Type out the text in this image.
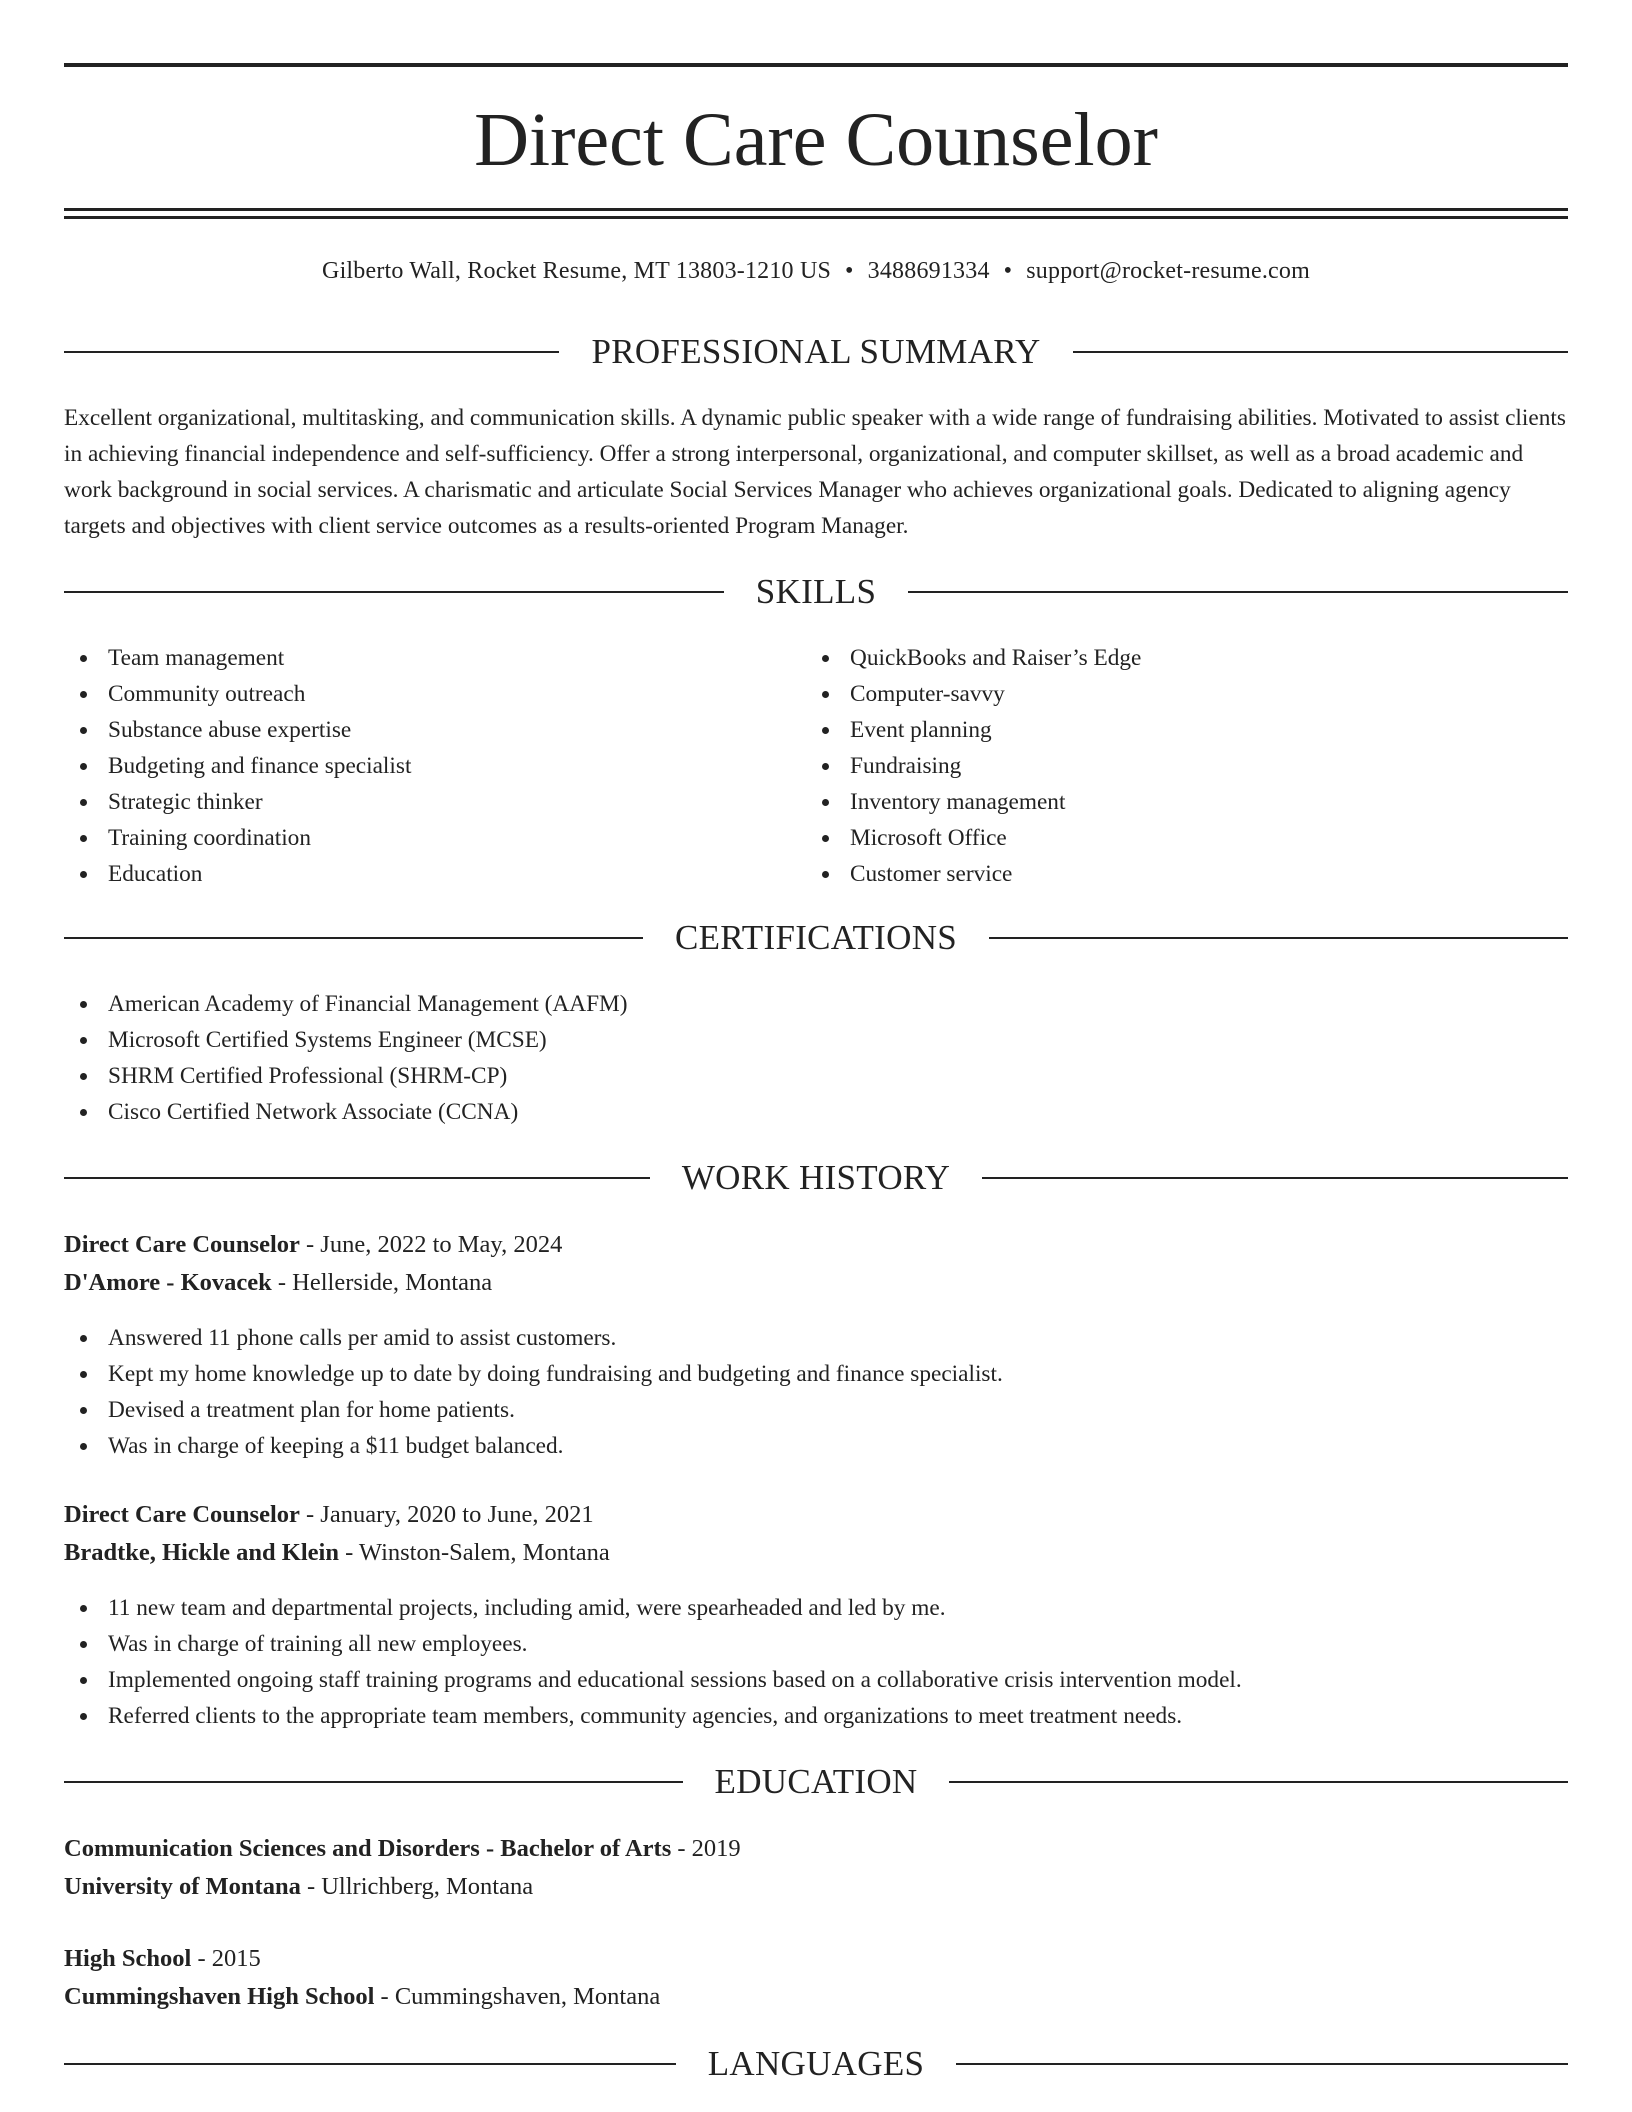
Direct Care Counselor
Gilberto Wall, Rocket Resume, MT 13803-1210 US • 3488691334 • support@rocket-resume.com
PROFESSIONAL SUMMARY

Excellent organizational, multitasking, and communication skills. A dynamic public speaker with a wide range of fundraising abilities. Motivated to assist clients in achieving financial independence and self-sufficiency. Offer a strong interpersonal, organizational, and computer skillset, as well as a broad academic and work background in social services. A charismatic and articulate Social Services Manager who achieves organizational goals. Dedicated to aligning agency targets and objectives with client service outcomes as a results-oriented Program Manager.

SKILLS
Team management
Community outreach
Substance abuse expertise
Budgeting and finance specialist
Strategic thinker
Training coordination
Education
QuickBooks and Raiser’s Edge
Computer-savvy
Event planning
Fundraising
Inventory management
Microsoft Office
Customer service
CERTIFICATIONS
American Academy of Financial Management (AAFM)
Microsoft Certified Systems Engineer (MCSE)
SHRM Certified Professional (SHRM-CP)
Cisco Certified Network Associate (CCNA)
WORK HISTORY
Direct Care Counselor - June, 2022 to May, 2024
D'Amore - Kovacek - Hellerside, Montana
Answered 11 phone calls per amid to assist customers.
Kept my home knowledge up to date by doing fundraising and budgeting and finance specialist.
Devised a treatment plan for home patients.
Was in charge of keeping a $11 budget balanced.
Direct Care Counselor - January, 2020 to June, 2021
Bradtke, Hickle and Klein - Winston-Salem, Montana
11 new team and departmental projects, including amid, were spearheaded and led by me.
Was in charge of training all new employees.
Implemented ongoing staff training programs and educational sessions based on a collaborative crisis intervention model.
Referred clients to the appropriate team members, community agencies, and organizations to meet treatment needs.
EDUCATION
Communication Sciences and Disorders - Bachelor of Arts - 2019
University of Montana - Ullrichberg, Montana
High School - 2015
Cummingshaven High School - Cummingshaven, Montana
LANGUAGES
